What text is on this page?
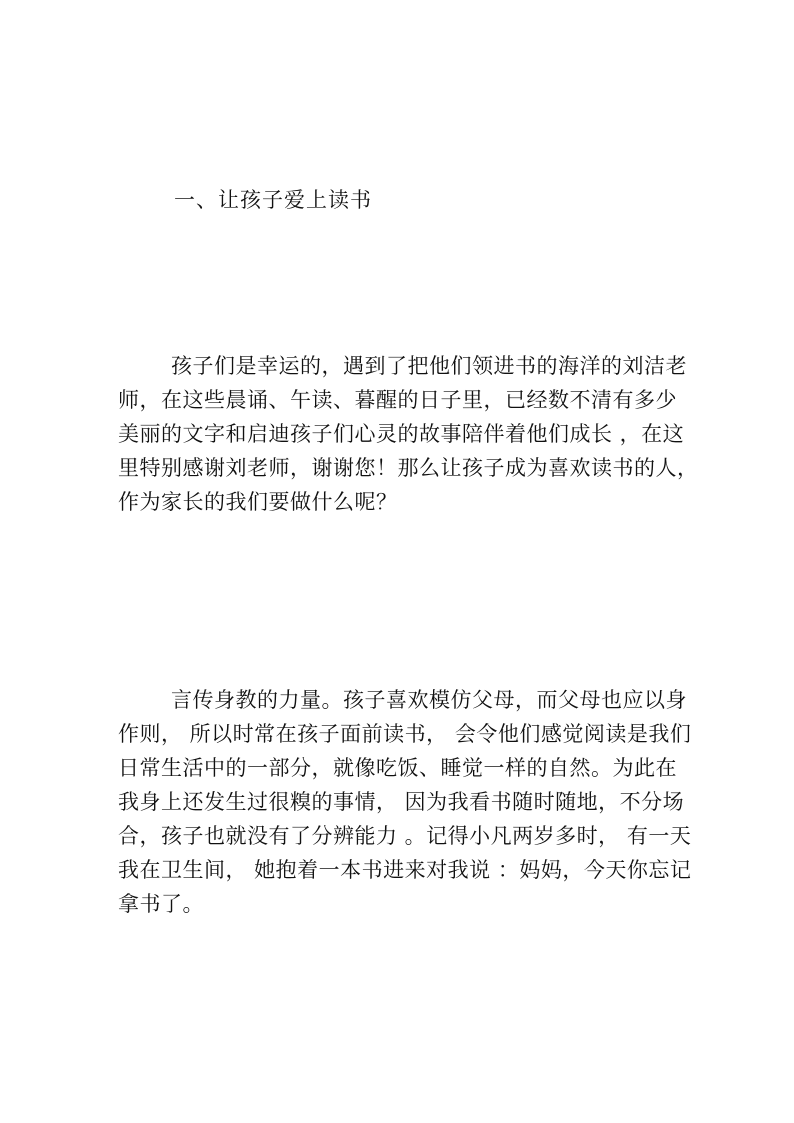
一、让孩子爱上读书
孩子们是幸运的，遇到了把他们领进书的海洋的刘洁老
师，在这些晨诵、午读、暮醒的日子里，已经数不清有多少
美丽的文字和启迪孩子们心灵的故事陪伴着他们成长 ，在这
里特别感谢刘老师，谢谢您！那么让孩子成为喜欢读书的人，
作为家长的我们要做什么呢？
言传身教的力量。孩子喜欢模仿父母，而父母也应以身
作则， 所以时常在孩子面前读书， 会令他们感觉阅读是我们
日常生活中的一部分，就像吃饭、睡觉一样的自然。为此在
我身上还发生过很糗的事情， 因为我看书随时随地，不分场
合，孩子也就没有了分辨能力 。记得小凡两岁多时， 有一天
我在卫生间， 她抱着一本书进来对我说 ：妈妈，今天你忘记
拿书了。
